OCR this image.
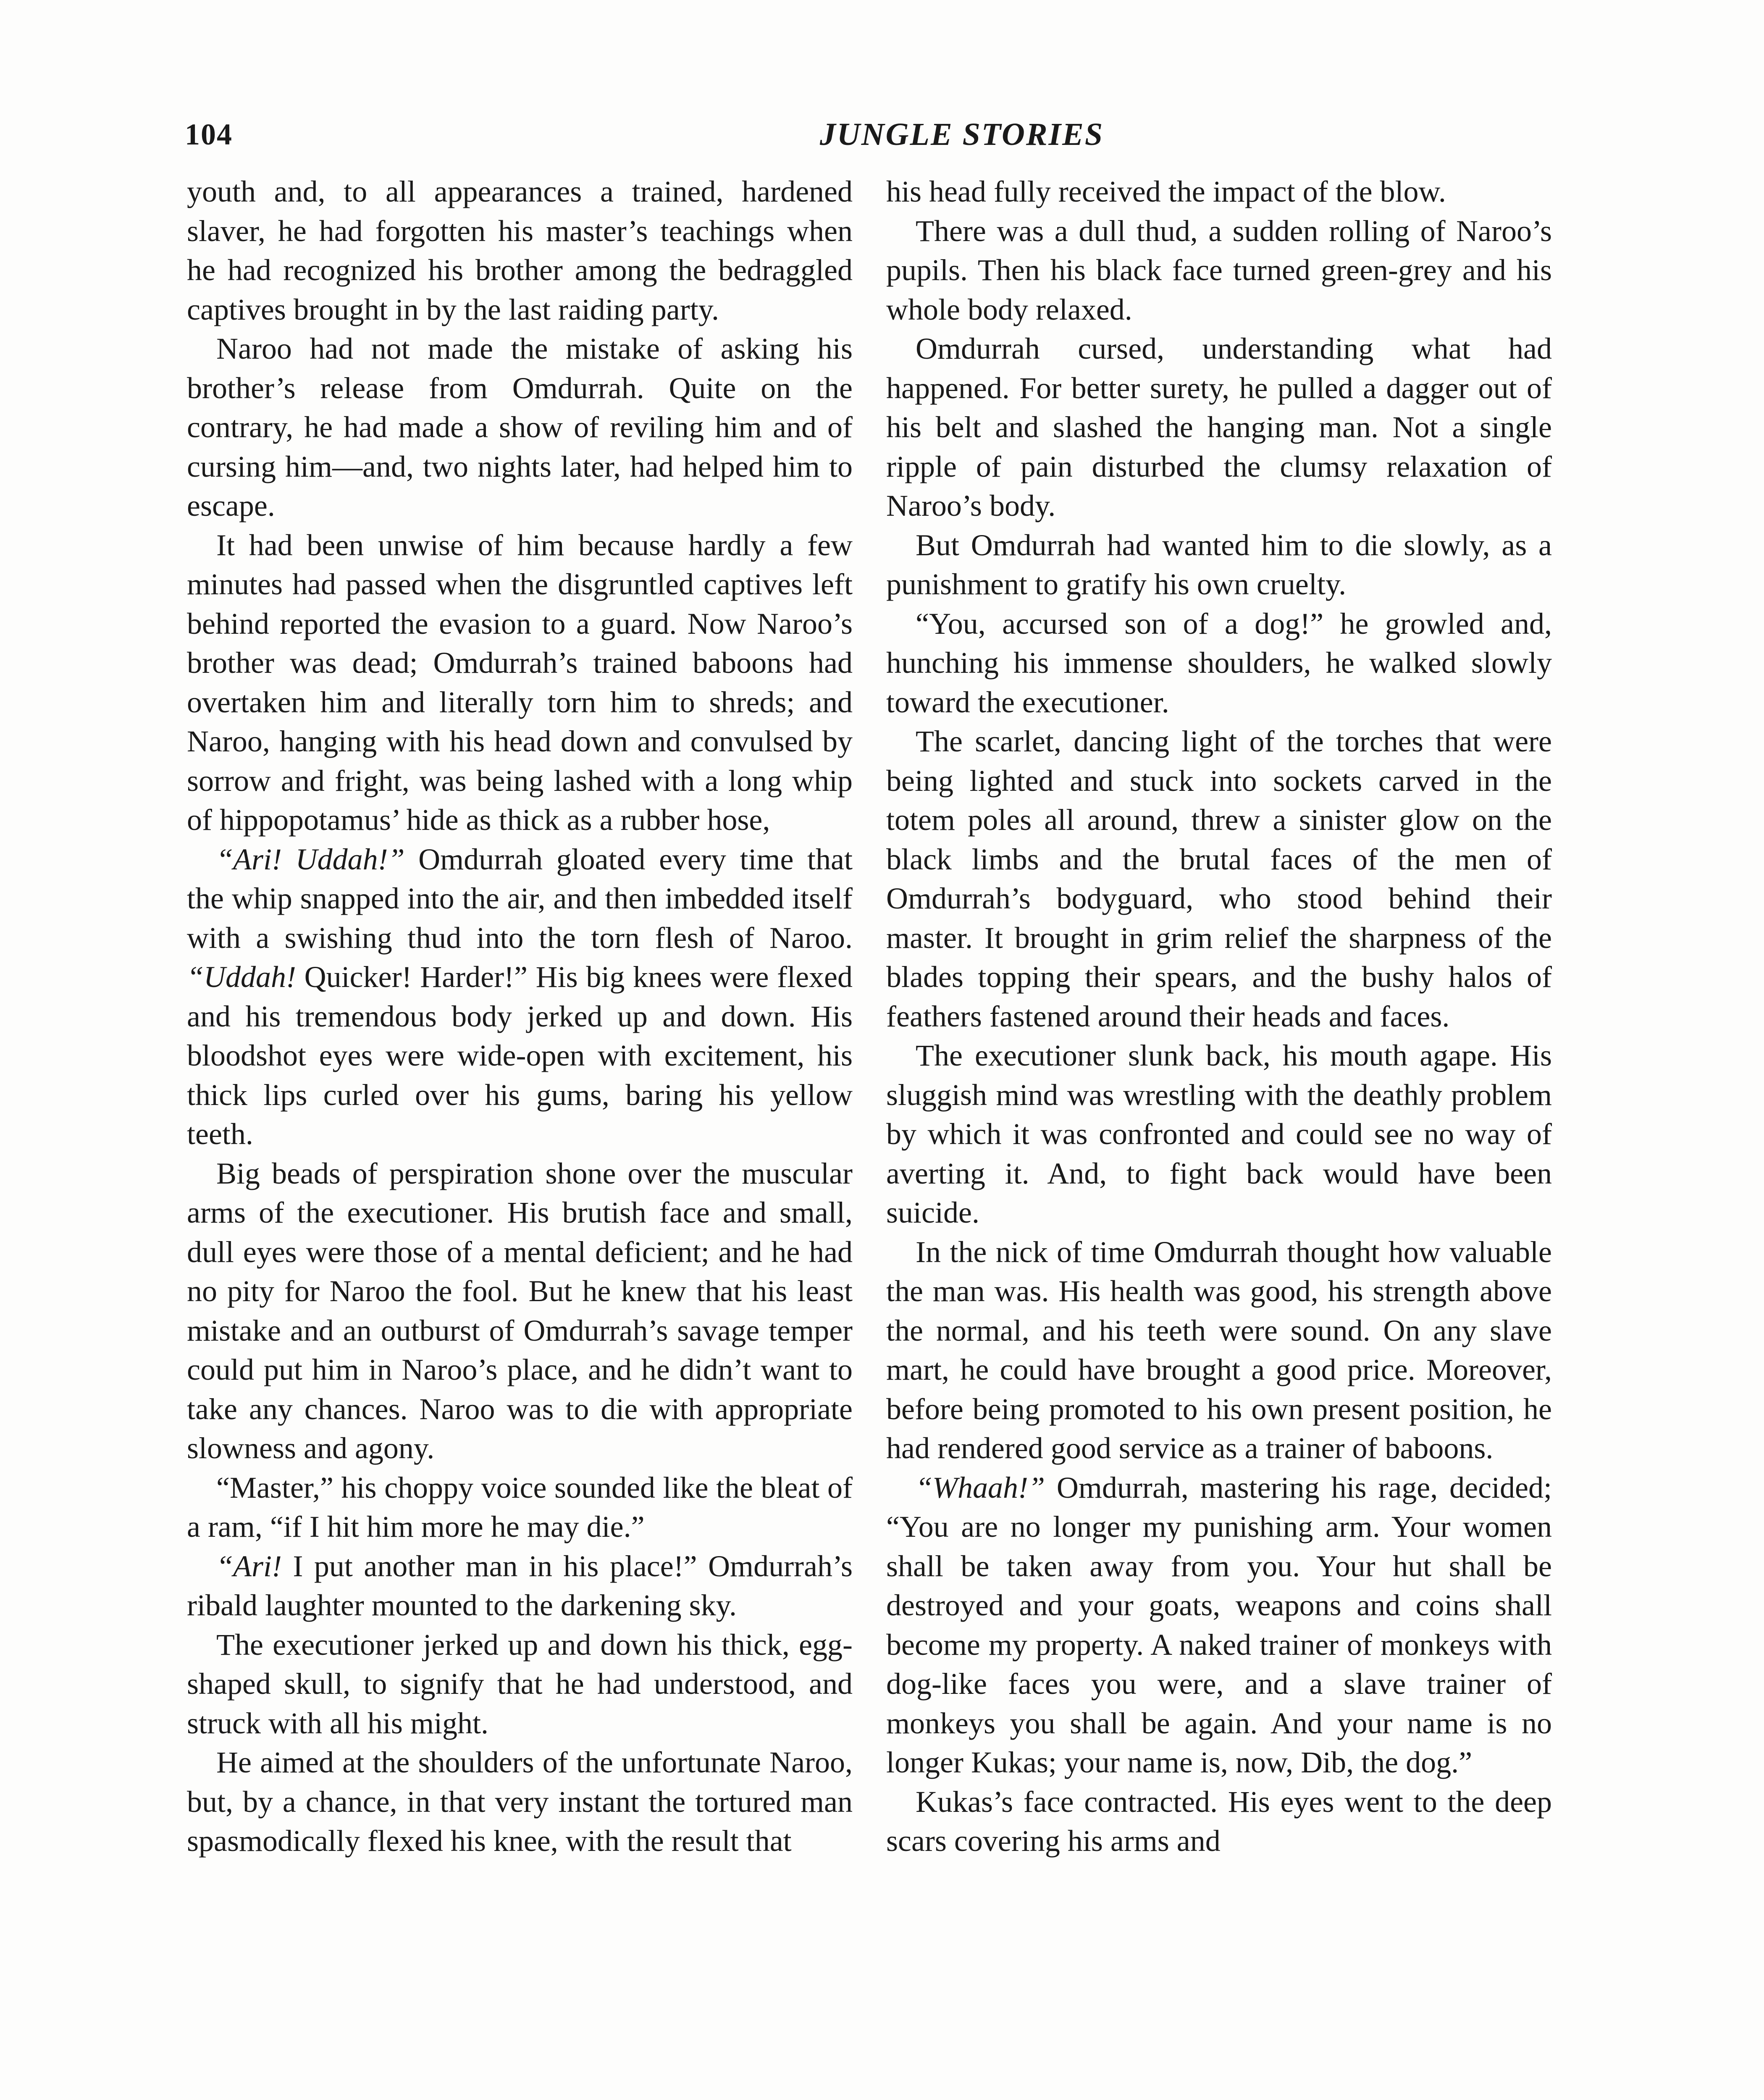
104	JUNGLE STORIES

youth and, to all appearances a trained, hardened slaver, he had forgotten his master’s teachings when he had recognized his brother among the bedraggled captives brought in by the last raiding party.

Naroo had not made the mistake of asking his brother’s release from Omdurrah. Quite on the contrary, he had made a show of reviling him and of cursing him—and, two nights later, had helped him to escape.

It had been unwise of him because hardly a few minutes had passed when the disgruntled captives left behind reported the evasion to a guard. Now Naroo’s brother was dead; Omdurrah’s trained baboons had overtaken him and literally torn him to shreds; and Naroo, hanging with his head down and convulsed by sorrow and fright, was being lashed with a long whip of hippopotamus’ hide as thick as a rubber hose,

“Ari! Uddah!” Omdurrah gloated every time that the whip snapped into the air, and then imbedded itself with a swishing thud into the torn flesh of Naroo. “Uddah! Quicker! Harder!” His big knees were flexed and his tremendous body jerked up and down. His bloodshot eyes were wide-open with excitement, his thick lips curled over his gums, baring his yellow teeth.

Big beads of perspiration shone over the muscular arms of the executioner. His brutish face and small, dull eyes were those of a mental deficient; and he had no pity for Naroo the fool. But he knew that his least mistake and an outburst of Omdurrah’s savage temper could put him in Naroo’s place, and he didn’t want to take any chances. Naroo was to die with appropriate slowness and agony.

“Master,” his choppy voice sounded like the bleat of a ram, “if I hit him more he may die.”

“Ari! I put another man in his place!” Omdurrah’s ribald laughter mounted to the darkening sky.

The executioner jerked up and down his thick, egg-shaped skull, to signify that he had understood, and struck with all his might.

He aimed at the shoulders of the unfortunate Naroo, but, by a chance, in that very instant the tortured man spasmodically flexed his knee, with the result that

his head fully received the impact of the blow.

There was a dull thud, a sudden rolling of Naroo’s pupils. Then his black face turned green-grey and his whole body relaxed.

Omdurrah cursed, understanding what had happened. For better surety, he pulled a dagger out of his belt and slashed the hanging man. Not a single ripple of pain disturbed the clumsy relaxation of Naroo’s body.

But Omdurrah had wanted him to die slowly, as a punishment to gratify his own cruelty.

“You, accursed son of a dog!” he growled and, hunching his immense shoulders, he walked slowly toward the executioner.

The scarlet, dancing light of the torches that were being lighted and stuck into sockets carved in the totem poles all around, threw a sinister glow on the black limbs and the brutal faces of the men of Omdurrah’s bodyguard, who stood behind their master. It brought in grim relief the sharpness of the blades topping their spears, and the bushy halos of feathers fastened around their heads and faces.

The executioner slunk back, his mouth agape. His sluggish mind was wrestling with the deathly problem by which it was confronted and could see no way of averting it. And, to fight back would have been suicide.

In the nick of time Omdurrah thought how valuable the man was. His health was good, his strength above the normal, and his teeth were sound. On any slave mart, he could have brought a good price. Moreover, before being promoted to his own present position, he had rendered good service as a trainer of baboons.

“Whaah!” Omdurrah, mastering his rage, decided; “You are no longer my punishing arm. Your women shall be taken away from you. Your hut shall be destroyed and your goats, weapons and coins shall become my property. A naked trainer of monkeys with dog-like faces you were, and a slave trainer of monkeys you shall be again. And your name is no longer Kukas; your name is, now, Dib, the dog.”

Kukas’s face contracted. His eyes went to the deep scars covering his arms and
